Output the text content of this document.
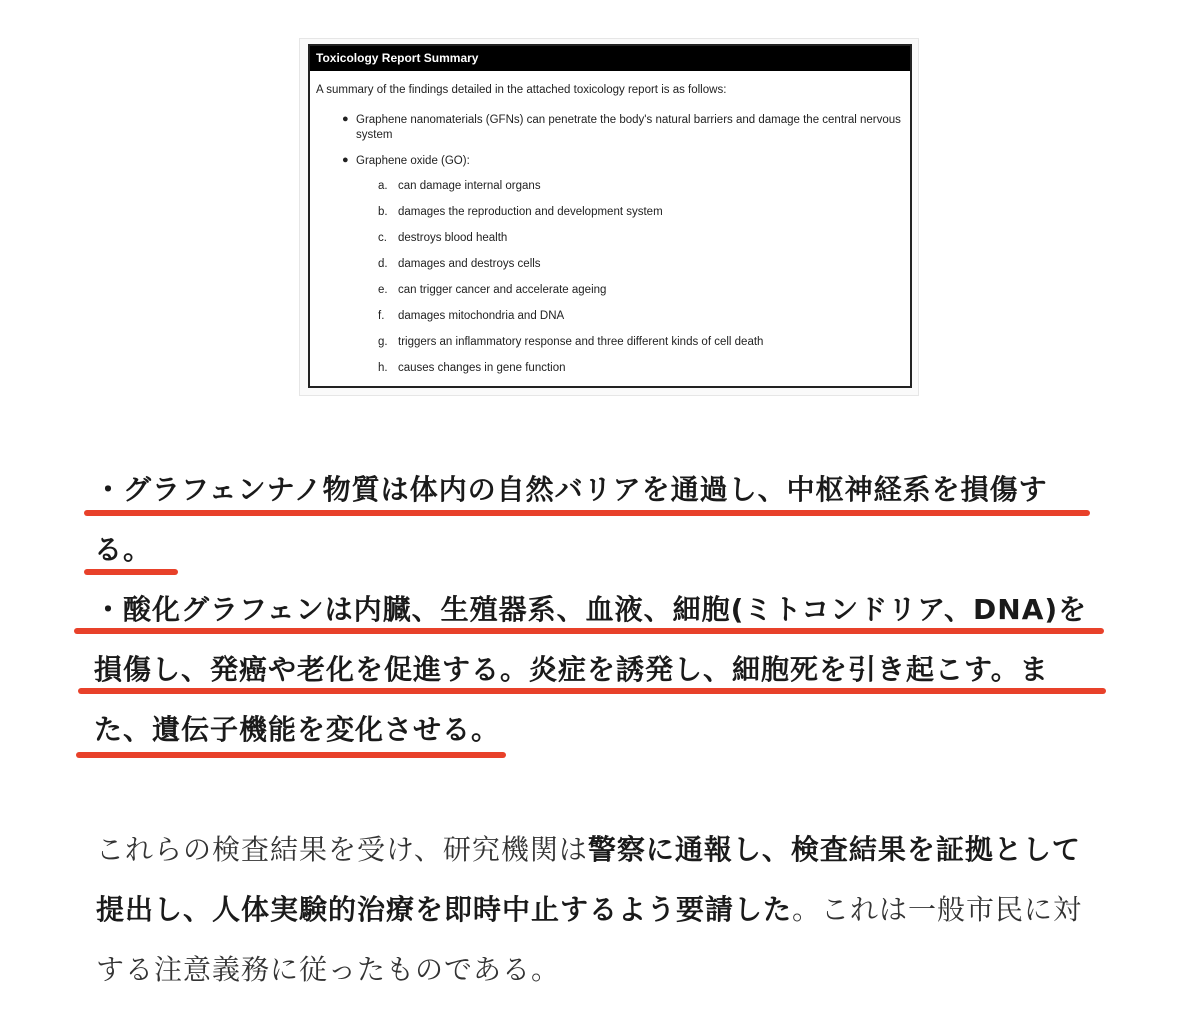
Toxicology Report Summary
A summary of the findings detailed in the attached toxicology report is as follows:
● Graphene nanomaterials (GFNs) can penetrate the body's natural barriers and damage the central nervous system
● Graphene oxide (GO):
a. can damage internal organs
b. damages the reproduction and development system
c. destroys blood health
d. damages and destroys cells
e. can trigger cancer and accelerate ageing
f. damages mitochondria and DNA
g. triggers an inflammatory response and three different kinds of cell death
h. causes changes in gene function
・グラフェンナノ物質は体内の自然バリアを通過し、中枢神経系を損傷す
る。
・酸化グラフェンは内臓、生殖器系、血液、細胞(ミトコンドリア、DNA)を
損傷し、発癌や老化を促進する。炎症を誘発し、細胞死を引き起こす。ま
た、遺伝子機能を変化させる。
これらの検査結果を受け、研究機関は警察に通報し、検査結果を証拠として
提出し、人体実験的治療を即時中止するよう要請した。これは一般市民に対
する注意義務に従ったものである。
